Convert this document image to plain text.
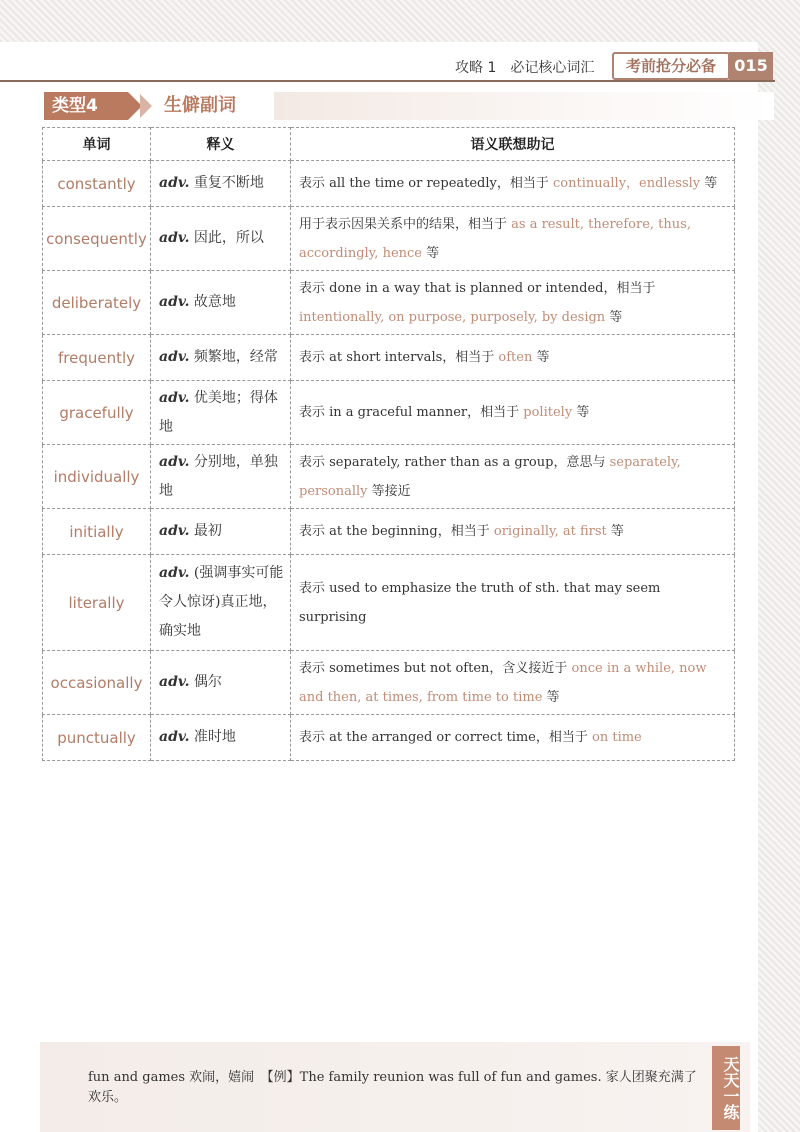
攻略 1　必记核心词汇	考前抢分必备	015
类型4	生僻副词
单词	释义	语义联想助记
constantly	adv. 重复不断地	表示 all the time or repeatedly，相当于 continually，endlessly 等
consequently	adv. 因此，所以	用于表示因果关系中的结果，相当于 as a result, therefore, thus, accordingly, hence 等
deliberately	adv. 故意地	表示 done in a way that is planned or intended，相当于 intentionally, on purpose, purposely, by design 等
frequently	adv. 频繁地，经常	表示 at short intervals，相当于 often 等
gracefully	adv. 优美地；得体地	表示 in a graceful manner，相当于 politely 等
individually	adv. 分别地，单独地	表示 separately, rather than as a group，意思与 separately, personally 等接近
initially	adv. 最初	表示 at the beginning，相当于 originally, at first 等
literally	adv. (强调事实可能令人惊讶)真正地，确实地	表示 used to emphasize the truth of sth. that may seem surprising
occasionally	adv. 偶尔	表示 sometimes but not often，含义接近于 once in a while, now and then, at times, from time to time 等
punctually	adv. 准时地	表示 at the arranged or correct time，相当于 on time
fun and games 欢闹，嬉闹　【例】The family reunion was full of fun and games. 家人团聚充满了欢乐。	天天一练
